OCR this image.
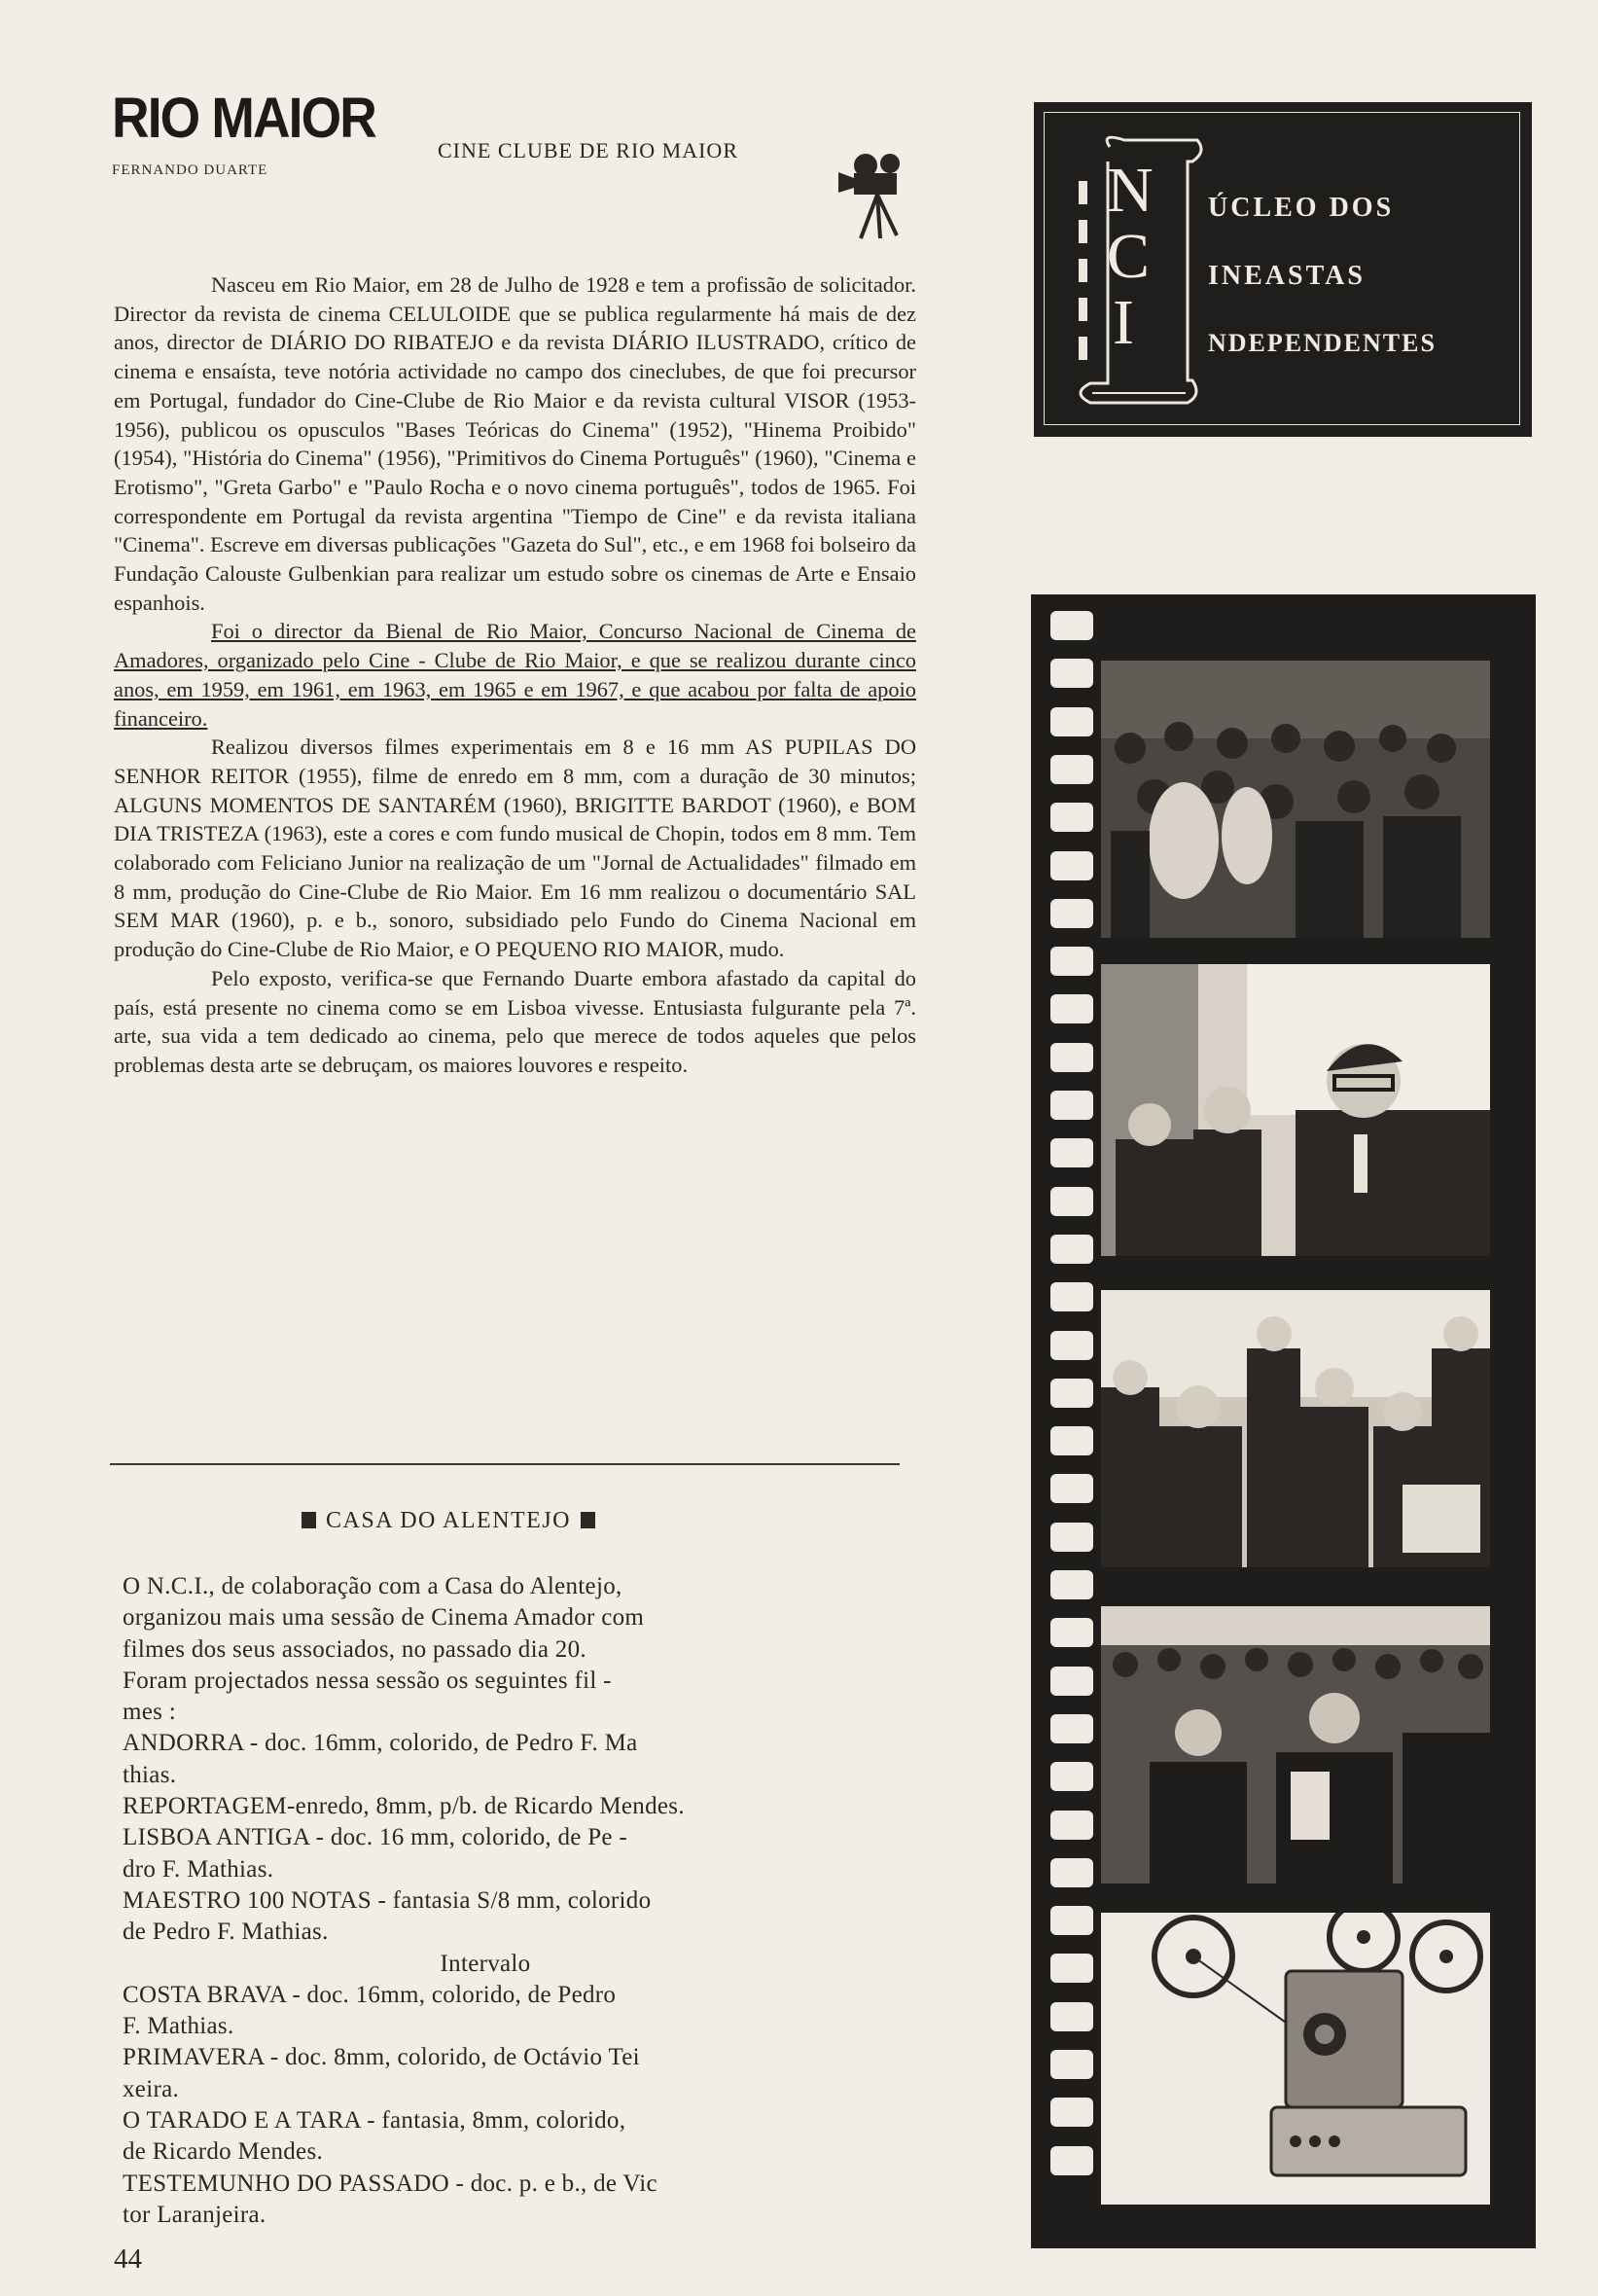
RIO MAIOR
FERNANDO DUARTE
CINE CLUBE DE RIO MAIOR
N
C
I
ÚCLEO DOS
INEASTAS
NDEPENDENTES

Nasceu em Rio Maior, em 28 de Julho de 1928 e tem a profissão de solicitador. Director da revista de cinema CELULOIDE que se publica regularmente há mais de dez anos, director de DIÁRIO DO RIBATEJO e da revista DIÁRIO ILUSTRADO, crítico de cinema e ensaísta, teve notória actividade no campo dos cineclubes, de que foi precursor em Portugal, fundador do Cine-Clube de Rio Maior e da revista cultural VISOR (1953-1956), publicou os opusculos "Bases Teóricas do Cinema" (1952), "Hinema Proibido" (1954), "História do Cinema" (1956), "Primitivos do Cinema Português" (1960), "Cinema e Erotismo", "Greta Garbo" e "Paulo Rocha e o novo cinema português", todos de 1965. Foi correspondente em Portugal da revista argentina "Tiempo de Cine" e da revista italiana "Cinema". Escreve em diversas publicações "Gazeta do Sul", etc., e em 1968 foi bolseiro da Fundação Calouste Gulbenkian para realizar um estudo sobre os cinemas de Arte e Ensaio espanhois.

Foi o director da Bienal de Rio Maior, Concurso Nacional de Cinema de Amadores, organizado pelo Cine - Clube de Rio Maior, e que se realizou durante cinco anos, em 1959, em 1961, em 1963, em 1965 e em 1967, e que acabou por falta de apoio financeiro.

Realizou diversos filmes experimentais em 8 e 16 mm AS PUPILAS DO SENHOR REITOR (1955), filme de enredo em 8 mm, com a duração de 30 minutos; ALGUNS MOMENTOS DE SANTARÉM (1960), BRIGITTE BARDOT (1960), e BOM DIA TRISTEZA (1963), este a cores e com fundo musical de Chopin, todos em 8 mm. Tem colaborado com Feliciano Junior na realização de um "Jornal de Actualidades" filmado em 8 mm, produção do Cine-Clube de Rio Maior. Em 16 mm realizou o documentário SAL SEM MAR (1960), p. e b., sonoro, subsidiado pelo Fundo do Cinema Nacional em produção do Cine-Clube de Rio Maior, e O PEQUENO RIO MAIOR, mudo.

Pelo exposto, verifica-se que Fernando Duarte embora afastado da capital do país, está presente no cinema como se em Lisboa vivesse. Entusiasta fulgurante pela 7ª. arte, sua vida a tem dedicado ao cinema, pelo que merece de todos aqueles que pelos problemas desta arte se debruçam, os maiores louvores e respeito.

CASA DO ALENTEJO
O N.C.I., de colaboração com a Casa do Alentejo,
organizou mais uma sessão de Cinema Amador com
filmes dos seus associados, no passado dia 20.
Foram projectados nessa sessão os seguintes fil -
mes :
ANDORRA - doc. 16mm, colorido, de Pedro F. Ma
thias.
REPORTAGEM-enredo, 8mm, p/b. de Ricardo Mendes.
LISBOA ANTIGA - doc. 16 mm, colorido, de Pe -
dro F. Mathias.
MAESTRO 100 NOTAS - fantasia S/8 mm, colorido
de Pedro F. Mathias.
Intervalo
COSTA BRAVA - doc. 16mm, colorido, de Pedro
F. Mathias.
PRIMAVERA - doc. 8mm, colorido, de Octávio Tei
xeira.
O TARADO E A TARA - fantasia, 8mm, colorido,
de Ricardo Mendes.
TESTEMUNHO DO PASSADO - doc. p. e b., de Vic
tor Laranjeira.
44
